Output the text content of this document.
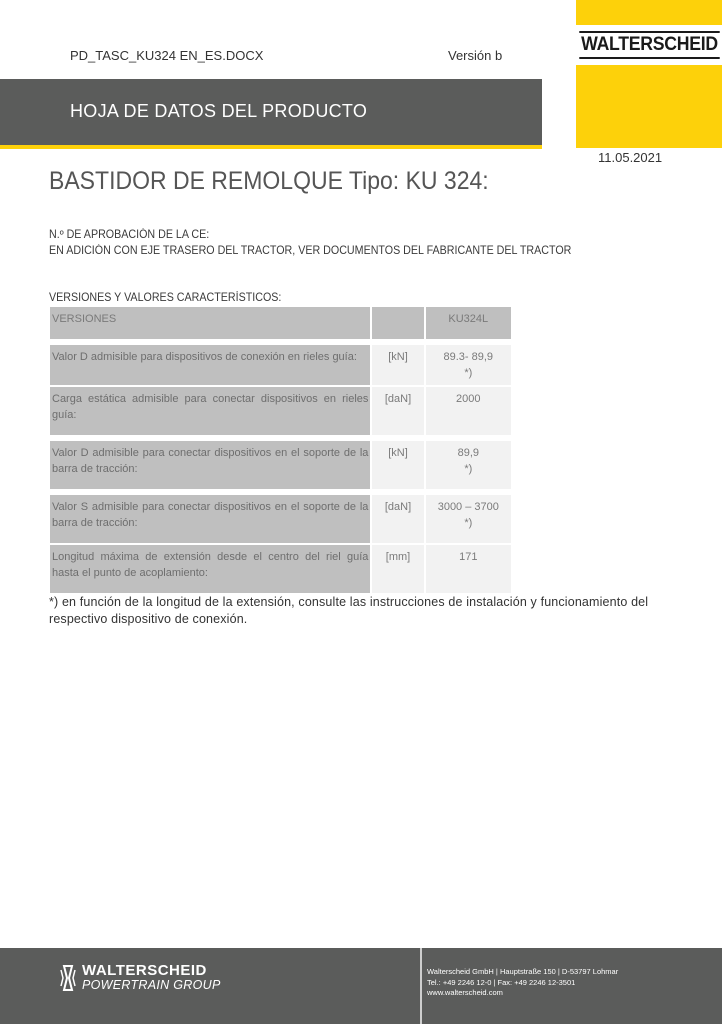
PD_TASC_KU324 EN_ES.DOCX	Versión b
WALTERSCHEID
HOJA DE DATOS DEL PRODUCTO
11.05.2021
BASTIDOR DE REMOLQUE Tipo: KU 324:
N.º DE APROBACIÓN DE LA CE:
EN ADICIÓN CON EJE TRASERO DEL TRACTOR, VER DOCUMENTOS DEL FABRICANTE DEL TRACTOR
VERSIONES Y VALORES CARACTERÍSTICOS:
VERSIONES		KU324L

Valor D admisible para dispositivos de conexión en rieles guía:	[kN]	89.3- 89,9
*)

Carga estática admisible para conectar dispositivos en rieles guía:	[daN]	2000

Valor D admisible para conectar dispositivos en el soporte de la barra de tracción:	[kN]	89,9
*)

Valor S admisible para conectar dispositivos en el soporte de la barra de tracción:	[daN]	3000 – 3700
*)

Longitud máxima de extensión desde el centro del riel guía hasta el punto de acoplamiento:	[mm]	171
*) en función de la longitud de la extensión, consulte las instrucciones de instalación y funcionamiento del respectivo dispositivo de conexión.
WALTERSCHEID
POWERTRAIN GROUP
Walterscheid GmbH | Hauptstraße 150 | D-53797 Lohmar
Tel.: +49 2246 12-0 | Fax: +49 2246 12-3501
www.walterscheid.com
